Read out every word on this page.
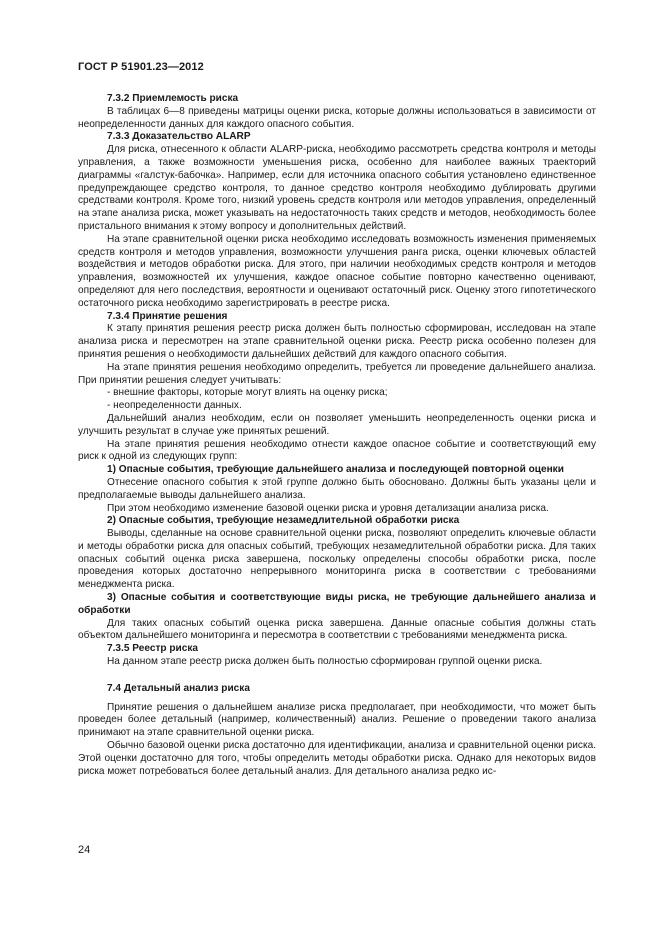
ГОСТ Р 51901.23—2012

7.3.2 Приемлемость риска

В таблицах 6—8 приведены матрицы оценки риска, которые должны использоваться в зависимости от неопределенности данных для каждого опасного события.

7.3.3 Доказательство ALARP

Для риска, отнесенного к области ALARP-риска, необходимо рассмотреть средства контроля и методы управления, а также возможности уменьшения риска, особенно для наиболее важных траекторий диаграммы «галстук-бабочка». Например, если для источника опасного события установлено единственное предупреждающее средство контроля, то данное средство контроля необходимо дублировать другими средствами контроля. Кроме того, низкий уровень средств контроля или методов управления, определенный на этапе анализа риска, может указывать на недостаточность таких средств и методов, необходимость более пристального внимания к этому вопросу и дополнительных действий.

На этапе сравнительной оценки риска необходимо исследовать возможность изменения применяемых средств контроля и методов управления, возможности улучшения ранга риска, оценки ключевых областей воздействия и методов обработки риска. Для этого, при наличии необходимых средств контроля и методов управления, возможностей их улучшения, каждое опасное событие повторно качественно оценивают, определяют для него последствия, вероятности и оценивают остаточный риск. Оценку этого гипотетического остаточного риска необходимо зарегистрировать в реестре риска.

7.3.4 Принятие решения

К этапу принятия решения реестр риска должен быть полностью сформирован, исследован на этапе анализа риска и пересмотрен на этапе сравнительной оценки риска. Реестр риска особенно полезен для принятия решения о необходимости дальнейших действий для каждого опасного события.

На этапе принятия решения необходимо определить, требуется ли проведение дальнейшего анализа. При принятии решения следует учитывать:

- внешние факторы, которые могут влиять на оценку риска;

- неопределенности данных.

Дальнейший анализ необходим, если он позволяет уменьшить неопределенность оценки риска и улучшить результат в случае уже принятых решений.

На этапе принятия решения необходимо отнести каждое опасное событие и соответствующий ему риск к одной из следующих групп:

1) Опасные события, требующие дальнейшего анализа и последующей повторной оценки

Отнесение опасного события к этой группе должно быть обосновано. Должны быть указаны цели и предполагаемые выводы дальнейшего анализа.

При этом необходимо изменение базовой оценки риска и уровня детализации анализа риска.

2) Опасные события, требующие незамедлительной обработки риска

Выводы, сделанные на основе сравнительной оценки риска, позволяют определить ключевые области и методы обработки риска для опасных событий, требующих незамедлительной обработки риска. Для таких опасных событий оценка риска завершена, поскольку определены способы обработки риска, после проведения которых достаточно непрерывного мониторинга риска в соответствии с требованиями менеджмента риска.

3) Опасные события и соответствующие виды риска, не требующие дальнейшего анализа и обработки

Для таких опасных событий оценка риска завершена. Данные опасные события должны стать объектом дальнейшего мониторинга и пересмотра в соответствии с требованиями менеджмента риска.

7.3.5 Реестр риска

На данном этапе реестр риска должен быть полностью сформирован группой оценки риска.

7.4 Детальный анализ риска

Принятие решения о дальнейшем анализе риска предполагает, при необходимости, что может быть проведен более детальный (например, количественный) анализ. Решение о проведении такого анализа принимают на этапе сравнительной оценки риска.

Обычно базовой оценки риска достаточно для идентификации, анализа и сравнительной оценки риска. Этой оценки достаточно для того, чтобы определить методы обработки риска. Однако для некоторых видов риска может потребоваться более детальный анализ. Для детального анализа редко ис-

24
